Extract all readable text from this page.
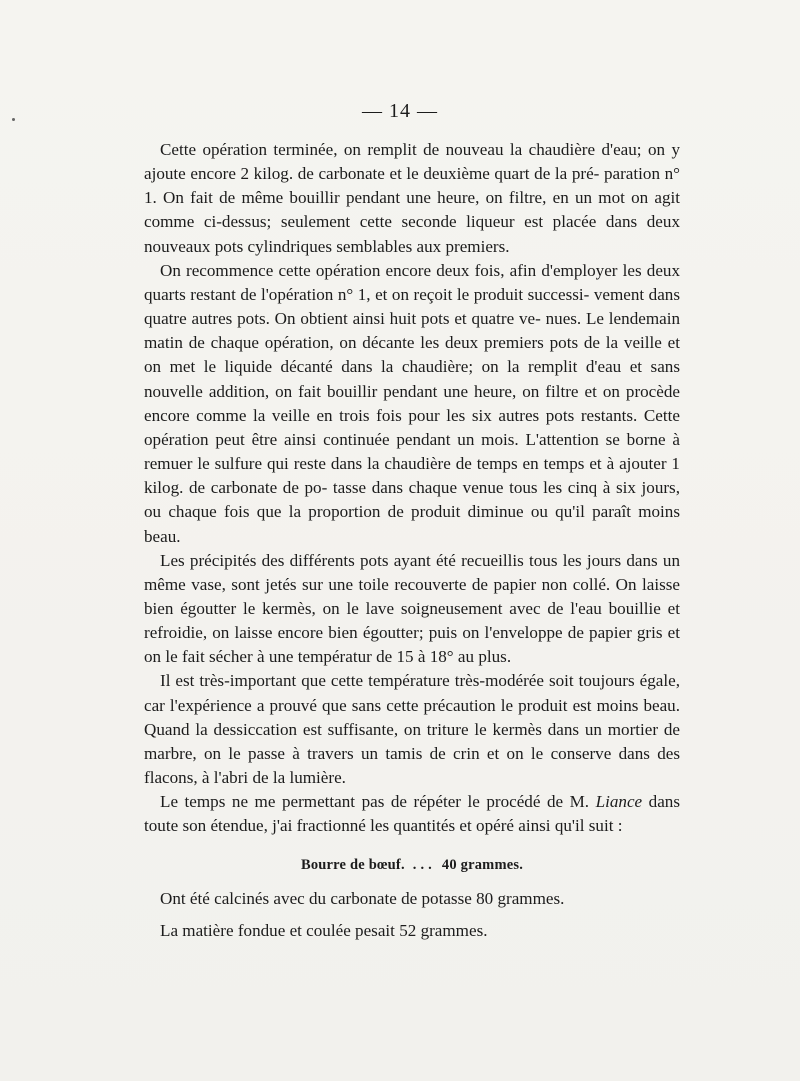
— 14 —

Cette opération terminée, on remplit de nouveau la chaudière d'eau; on y ajoute encore 2 kilog. de carbonate et le deuxième quart de la pré- paration n° 1. On fait de même bouillir pendant une heure, on filtre, en un mot on agit comme ci-dessus; seulement cette seconde liqueur est placée dans deux nouveaux pots cylindriques semblables aux premiers.

On recommence cette opération encore deux fois, afin d'employer les deux quarts restant de l'opération n° 1, et on reçoit le produit successi- vement dans quatre autres pots. On obtient ainsi huit pots et quatre ve- nues. Le lendemain matin de chaque opération, on décante les deux premiers pots de la veille et on met le liquide décanté dans la chaudière; on la remplit d'eau et sans nouvelle addition, on fait bouillir pendant une heure, on filtre et on procède encore comme la veille en trois fois pour les six autres pots restants. Cette opération peut être ainsi continuée pendant un mois. L'attention se borne à remuer le sulfure qui reste dans la chaudière de temps en temps et à ajouter 1 kilog. de carbonate de po- tasse dans chaque venue tous les cinq à six jours, ou chaque fois que la proportion de produit diminue ou qu'il paraît moins beau.

Les précipités des différents pots ayant été recueillis tous les jours dans un même vase, sont jetés sur une toile recouverte de papier non collé. On laisse bien égoutter le kermès, on le lave soigneusement avec de l'eau bouillie et refroidie, on laisse encore bien égoutter; puis on l'enveloppe de papier gris et on le fait sécher à une températur de 15 à 18° au plus.

Il est très-important que cette température très-modérée soit toujours égale, car l'expérience a prouvé que sans cette précaution le produit est moins beau. Quand la dessiccation est suffisante, on triture le kermès dans un mortier de marbre, on le passe à travers un tamis de crin et on le conserve dans des flacons, à l'abri de la lumière.

Le temps ne me permettant pas de répéter le procédé de M. Liance dans toute son étendue, j'ai fractionné les quantités et opéré ainsi qu'il suit :

Bourre de bœuf. . . . 40 grammes.

Ont été calcinés avec du carbonate de potasse 80 grammes.

La matière fondue et coulée pesait 52 grammes.
